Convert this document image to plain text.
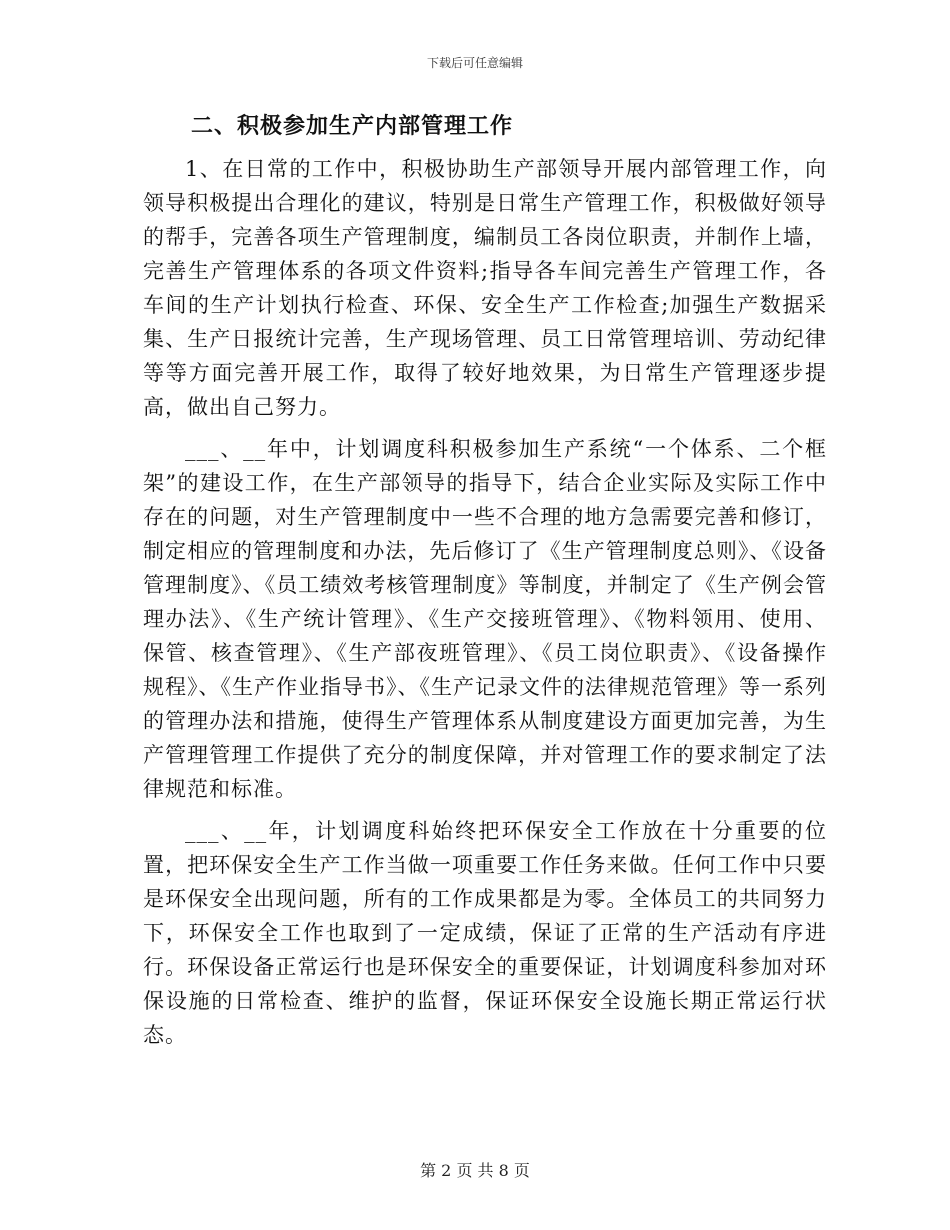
下载后可任意编辑
二、积极参加生产内部管理工作

1、在日常的工作中，积极协助生产部领导开展内部管理工作，向领导积极提出合理化的建议，特别是日常生产管理工作，积极做好领导的帮手，完善各项生产管理制度，编制员工各岗位职责，并制作上墙，完善生产管理体系的各项文件资料;指导各车间完善生产管理工作，各车间的生产计划执行检查、环保、安全生产工作检查;加强生产数据采集、生产日报统计完善，生产现场管理、员工日常管理培训、劳动纪律等等方面完善开展工作，取得了较好地效果，为日常生产管理逐步提高，做出自己努力。

___、__年中，计划调度科积极参加生产系统“一个体系、二个框架”的建设工作，在生产部领导的指导下，结合企业实际及实际工作中存在的问题，对生产管理制度中一些不合理的地方急需要完善和修订，制定相应的管理制度和办法，先后修订了《生产管理制度总则》、《设备管理制度》、《员工绩效考核管理制度》等制度，并制定了《生产例会管理办法》、《生产统计管理》、《生产交接班管理》、《物料领用、使用、保管、核查管理》、《生产部夜班管理》、《员工岗位职责》、《设备操作规程》、《生产作业指导书》、《生产记录文件的法律规范管理》等一系列的管理办法和措施，使得生产管理体系从制度建设方面更加完善，为生产管理管理工作提供了充分的制度保障，并对管理工作的要求制定了法律规范和标准。

___、__年，计划调度科始终把环保安全工作放在十分重要的位置，把环保安全生产工作当做一项重要工作任务来做。任何工作中只要是环保安全出现问题，所有的工作成果都是为零。全体员工的共同努力下，环保安全工作也取到了一定成绩，保证了正常的生产活动有序进行。环保设备正常运行也是环保安全的重要保证，计划调度科参加对环保设施的日常检查、维护的监督，保证环保安全设施长期正常运行状态。

第 2 页 共 8 页
